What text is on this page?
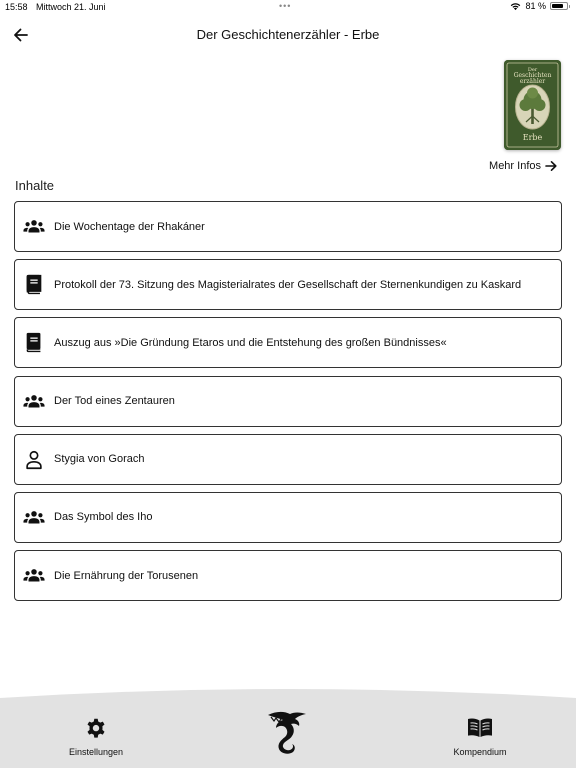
15:58 Mittwoch 21. Juni	•••	81 %
Der Geschichtenerzähler - Erbe
Der
Geschichten
erzähler
Erbe
Mehr Infos
Inhalte
Die Wochentage der Rhakáner
Protokoll der 73. Sitzung des Magisterialrates der Gesellschaft der Sternenkundigen zu Kaskard
Auszug aus »Die Gründung Etaros und die Entstehung des großen Bündnisses«
Der Tod eines Zentauren
Stygia von Gorach
Das Symbol des Iho
Die Ernährung der Torusenen
Einstellungen	Kompendium
